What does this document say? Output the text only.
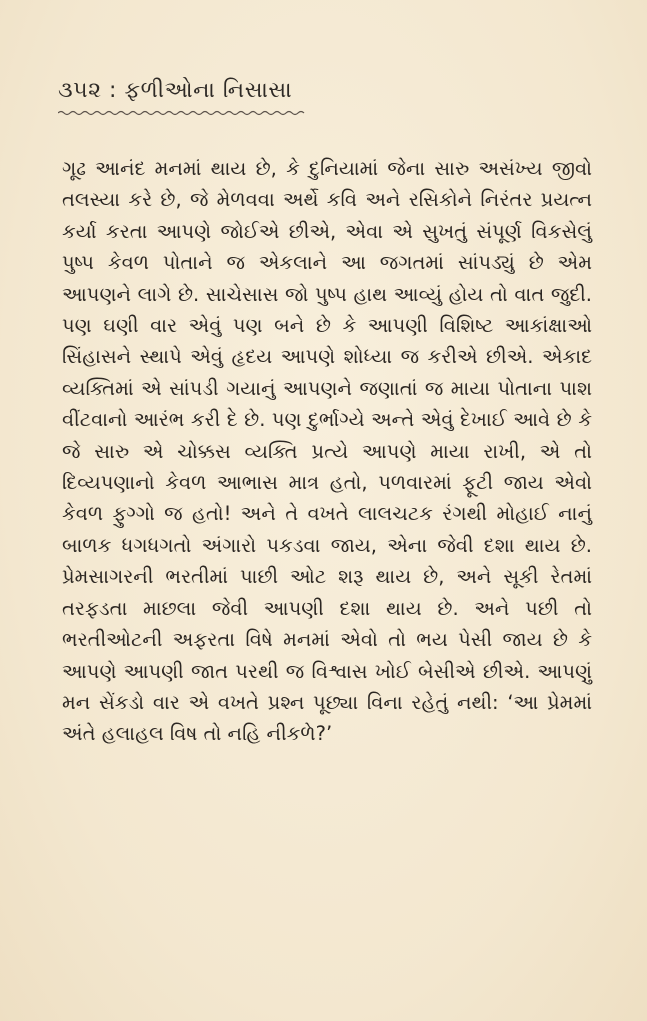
૩૫૨ : ફળીઓના નિસાસા

ગૂઢ આનંદ મનમાં થાય છે, કે દુનિયામાં જેના સારુ અસંખ્ય જીવો તલસ્યા કરે છે, જે મેળવવા અર્થે કવિ અને રસિકોને નિરંતર પ્રયત્ન કર્યા કરતા આપણે જોઈએ છીએ, એવા એ સુખતું સંપૂર્ણ વિકસેલું પુષ્પ કેવળ પોતાને જ એકલાને આ જગતમાં સાંપડ્યું છે એમ આપણને લાગે છે. સાચેસાસ જો પુષ્પ હાથ આવ્યું હોય તો વાત જુદી. પણ ઘણી વાર એવું પણ બને છે કે આપણી વિશિષ્ટ આકાંક્ષાઓ સિંહાસને સ્થાપે એવું હૃદય આપણે શોધ્યા જ કરીએ છીએ. એકાદ વ્યક્તિમાં એ સાંપડી ગયાનું આપણને જણાતાં જ માયા પોતાના પાશ વીંટવાનો આરંભ કરી દે છે. પણ દુર્ભાગ્યે અન્તે એવું દેખાઈ આવે છે કે જે સારુ એ ચોક્કસ વ્યક્તિ પ્રત્યે આપણે માયા રાખી, એ તો દિવ્યપણાનો કેવળ આભાસ માત્ર હતો, પળવારમાં ફૂટી જાય એવો કેવળ ફુગ્ગો જ હતો! અને તે વખતે લાલચટક રંગથી મોહાઈ નાનું બાળક ધગધગતો અંગારો પકડવા જાય, એના જેવી દશા થાય છે. પ્રેમસાગરની ભરતીમાં પાછી ઓટ શરૂ થાય છે, અને સૂકી રેતમાં તરફડતા માછલા જેવી આપણી દશા થાય છે. અને પછી તો ભરતીઓટની અફરતા વિષે મનમાં એવો તો ભય પેસી જાય છે કે આપણે આપણી જાત પરથી જ વિશ્વાસ ખોઈ બેસીએ છીએ. આપણું મન સેંકડો વાર એ વખતે પ્રશ્ન પૂછ્યા વિના રહેતું નથી: ‘આ પ્રેમમાં અંતે હલાહલ વિષ તો નહિ નીકળે?’
